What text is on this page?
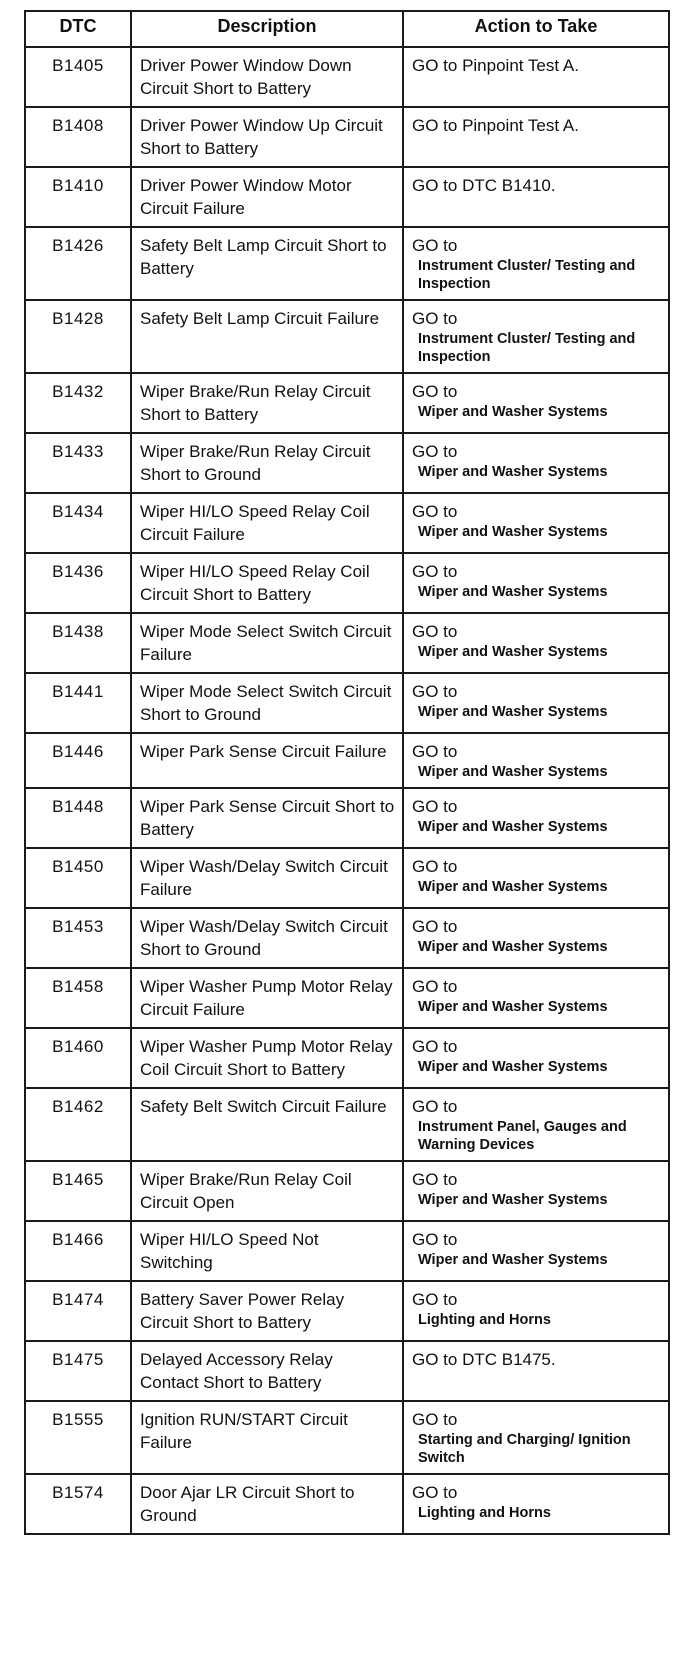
DTC	Description	Action to Take
B1405	Driver Power Window Down Circuit Short to Battery	GO to Pinpoint Test A.
B1408	Driver Power Window Up Circuit Short to Battery	GO to Pinpoint Test A.
B1410	Driver Power Window Motor Circuit Failure	GO to DTC B1410.
B1426	Safety Belt Lamp Circuit Short to Battery	GO to
Instrument Cluster/ Testing and Inspection

B1428	Safety Belt Lamp Circuit Failure	GO to
Instrument Cluster/ Testing and Inspection

B1432	Wiper Brake/Run Relay Circuit Short to Battery	GO to
Wiper and Washer Systems

B1433	Wiper Brake/Run Relay Circuit Short to Ground	GO to
Wiper and Washer Systems

B1434	Wiper HI/LO Speed Relay Coil Circuit Failure	GO to
Wiper and Washer Systems

B1436	Wiper HI/LO Speed Relay Coil Circuit Short to Battery	GO to
Wiper and Washer Systems

B1438	Wiper Mode Select Switch Circuit Failure	GO to
Wiper and Washer Systems

B1441	Wiper Mode Select Switch Circuit Short to Ground	GO to
Wiper and Washer Systems

B1446	Wiper Park Sense Circuit Failure	GO to
Wiper and Washer Systems

B1448	Wiper Park Sense Circuit Short to Battery	GO to
Wiper and Washer Systems

B1450	Wiper Wash/Delay Switch Circuit Failure	GO to
Wiper and Washer Systems

B1453	Wiper Wash/Delay Switch Circuit Short to Ground	GO to
Wiper and Washer Systems

B1458	Wiper Washer Pump Motor Relay Circuit Failure	GO to
Wiper and Washer Systems

B1460	Wiper Washer Pump Motor Relay Coil Circuit Short to Battery	GO to
Wiper and Washer Systems

B1462	Safety Belt Switch Circuit Failure	GO to
Instrument Panel, Gauges and Warning Devices

B1465	Wiper Brake/Run Relay Coil Circuit Open	GO to
Wiper and Washer Systems

B1466	Wiper HI/LO Speed Not Switching	GO to
Wiper and Washer Systems

B1474	Battery Saver Power Relay Circuit Short to Battery	GO to
Lighting and Horns

B1475	Delayed Accessory Relay Contact Short to Battery	GO to DTC B1475.
B1555	Ignition RUN/START Circuit Failure	GO to
Starting and Charging/ Ignition Switch

B1574	Door Ajar LR Circuit Short to Ground	GO to
Lighting and Horns
